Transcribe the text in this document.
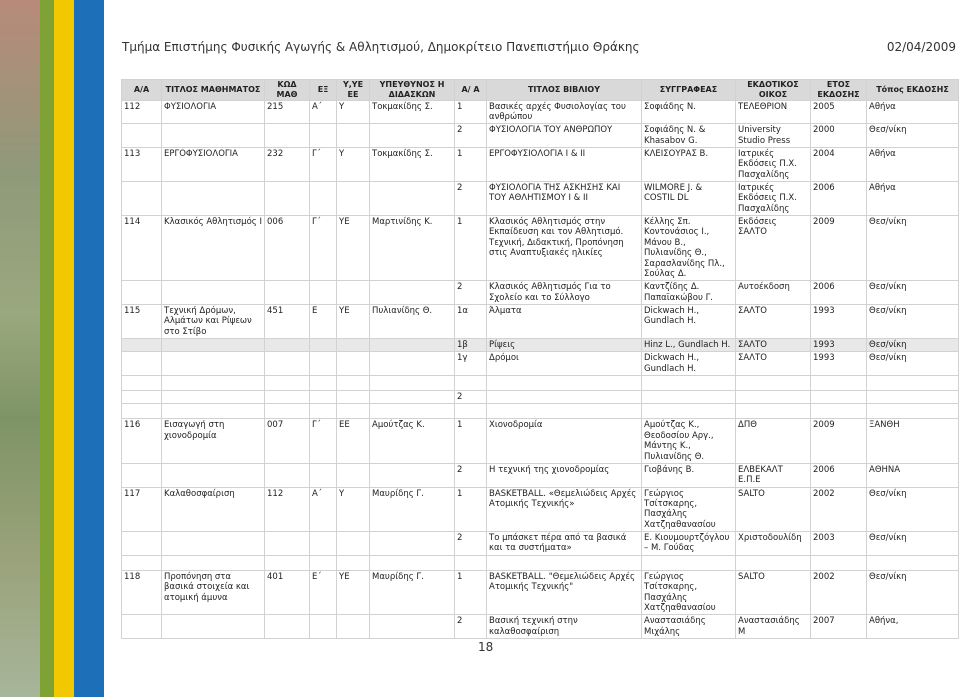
Τμήμα Επιστήμης Φυσικής Αγωγής & Αθλητισμού, Δημοκρίτειο Πανεπιστήμιο Θράκης	02/04/2009
Α/Α	ΤΙΤΛΟΣ ΜΑΘΗΜΑΤΟΣ	ΚΩΔ ΜΑΘ	ΕΞ	Υ,ΥΕ ΕΕ	ΥΠΕΥΘΥΝΟΣ Η ΔΙΔΑΣΚΩΝ	Α/ Α	ΤΙΤΛΟΣ ΒΙΒΛΙΟΥ	ΣΥΓΓΡΑΦΕΑΣ	ΕΚΔΟΤΙΚΟΣ ΟΙΚΟΣ	ΕΤΟΣ ΕΚΔΟΣΗΣ	Τόπος ΕΚΔΟΣΗΣ
112	ΦΥΣΙΟΛΟΓΙΑ	215	Α΄	Υ	Τοκμακίδης Σ.	1	Βασικές αρχές Φυσιολογίας του ανθρώπου	Σοφιάδης Ν.	ΤΕΛΕΘΡΙΟΝ	2005	Αθήνα
						2	ΦΥΣΙΟΛΟΓΙΑ ΤΟΥ ΑΝΘΡΩΠΟΥ	Σοφιάδης Ν. & Khasabov G.	University Studio Press	2000	Θεσ/νίκη
113	ΕΡΓΟΦΥΣΙΟΛΟΓΙΑ	232	Γ΄	Υ	Τοκμακίδης Σ.	1	ΕΡΓΟΦΥΣΙΟΛΟΓΙΑ Ι & ΙΙ	ΚΛΕΙΣΟΥΡΑΣ Β.	Ιατρικές Εκδόσεις Π.Χ. Πασχαλίδης	2004	Αθήνα
						2	ΦΥΣΙΟΛΟΓΙΑ ΤΗΣ ΑΣΚΗΣΗΣ ΚΑΙ ΤΟΥ ΑΘΛΗΤΙΣΜΟΥ Ι & ΙΙ	WILMORE J. & COSTIL DL	Ιατρικές Εκδόσεις Π.Χ. Πασχαλίδης	2006	Αθήνα
114	Κλασικός Αθλητισμός Ι	006	Γ΄	ΥΕ	Μαρτινίδης Κ.	1	Κλασικός Αθλητισμός στην Εκπαίδευση και τον Αθλητισμό. Τεχνική, Διδακτική, Προπόνηση στις Αναπτυξιακές ηλικίες	Κέλλης Σπ. Κοντονάσιος Ι., Μάνου Β., Πυλιανίδης Θ., Σαρασλανίδης Πλ., Σούλας Δ.	Εκδόσεις ΣΑΛΤΟ	2009	Θεσ/νίκη
						2	Κλασικός Αθλητισμός Για το Σχολείο και το Σύλλογο	Καντζίδης Δ. Παπαϊακώβου Γ.	Αυτοέκδοση	2006	Θεσ/νίκη
115	Τεχνική Δρόμων, Αλμάτων και Ρίψεων στο Στίβο	451	Ε	ΥΕ	Πυλιανίδης Θ.	1α	Άλματα	Dickwach H., Gundlach H.	ΣΑΛΤΟ	1993	Θεσ/νίκη
						1β	Ρίψεις	Hinz L., Gundlach H.	ΣΑΛΤΟ	1993	Θεσ/νίκη
						1γ	Δρόμοι	Dickwach H., Gundlach H.	ΣΑΛΤΟ	1993	Θεσ/νίκη

						2					

116	Εισαγωγή στη χιονοδρομία	007	Γ΄	ΕΕ	Αμούτζας Κ.	1	Χιονοδρομία	Αμούτζας Κ., Θεοδοσίου Αργ., Μάντης Κ., Πυλιανίδης Θ.	ΔΠΘ	2009	ΞΑΝΘΗ
						2	Η τεχνική της χιονοδρομίας	Γιοβάνης Β.	ΕΛΒΕΚΑΛΤ Ε.Π.Ε	2006	ΑΘΗΝΑ
117	Καλαθοσφαίριση	112	Α΄	Υ	Μαυρίδης Γ.	1	BASKETBALL. «Θεμελιώδεις Αρχές Ατομικής Τεχνικής»	Γεώργιος Τσίτσκαρης, Πασχάλης Χατζηαθανασίου	SALTO	2002	Θεσ/νίκη
						2	Το μπάσκετ πέρα από τα βασικά και τα συστήματα»	Ε. Κιουμουρτζόγλου – Μ. Γούδας	Χριστοδουλίδη	2003	Θεσ/νίκη

118	Προπόνηση στα βασικά στοιχεία και ατομική άμυνα	401	Ε΄	ΥΕ	Μαυρίδης Γ.	1	BASKETBALL. "Θεμελιώδεις Αρχές Ατομικής Τεχνικής"	Γεώργιος Τσίτσκαρης, Πασχάλης Χατζηαθανασίου	SALTO	2002	Θεσ/νίκη
						2	Βασική τεχνική στην καλαθοσφαίριση	Αναστασιάδης Μιχάλης	Αναστασιάδης Μ	2007	Αθήνα,
18
